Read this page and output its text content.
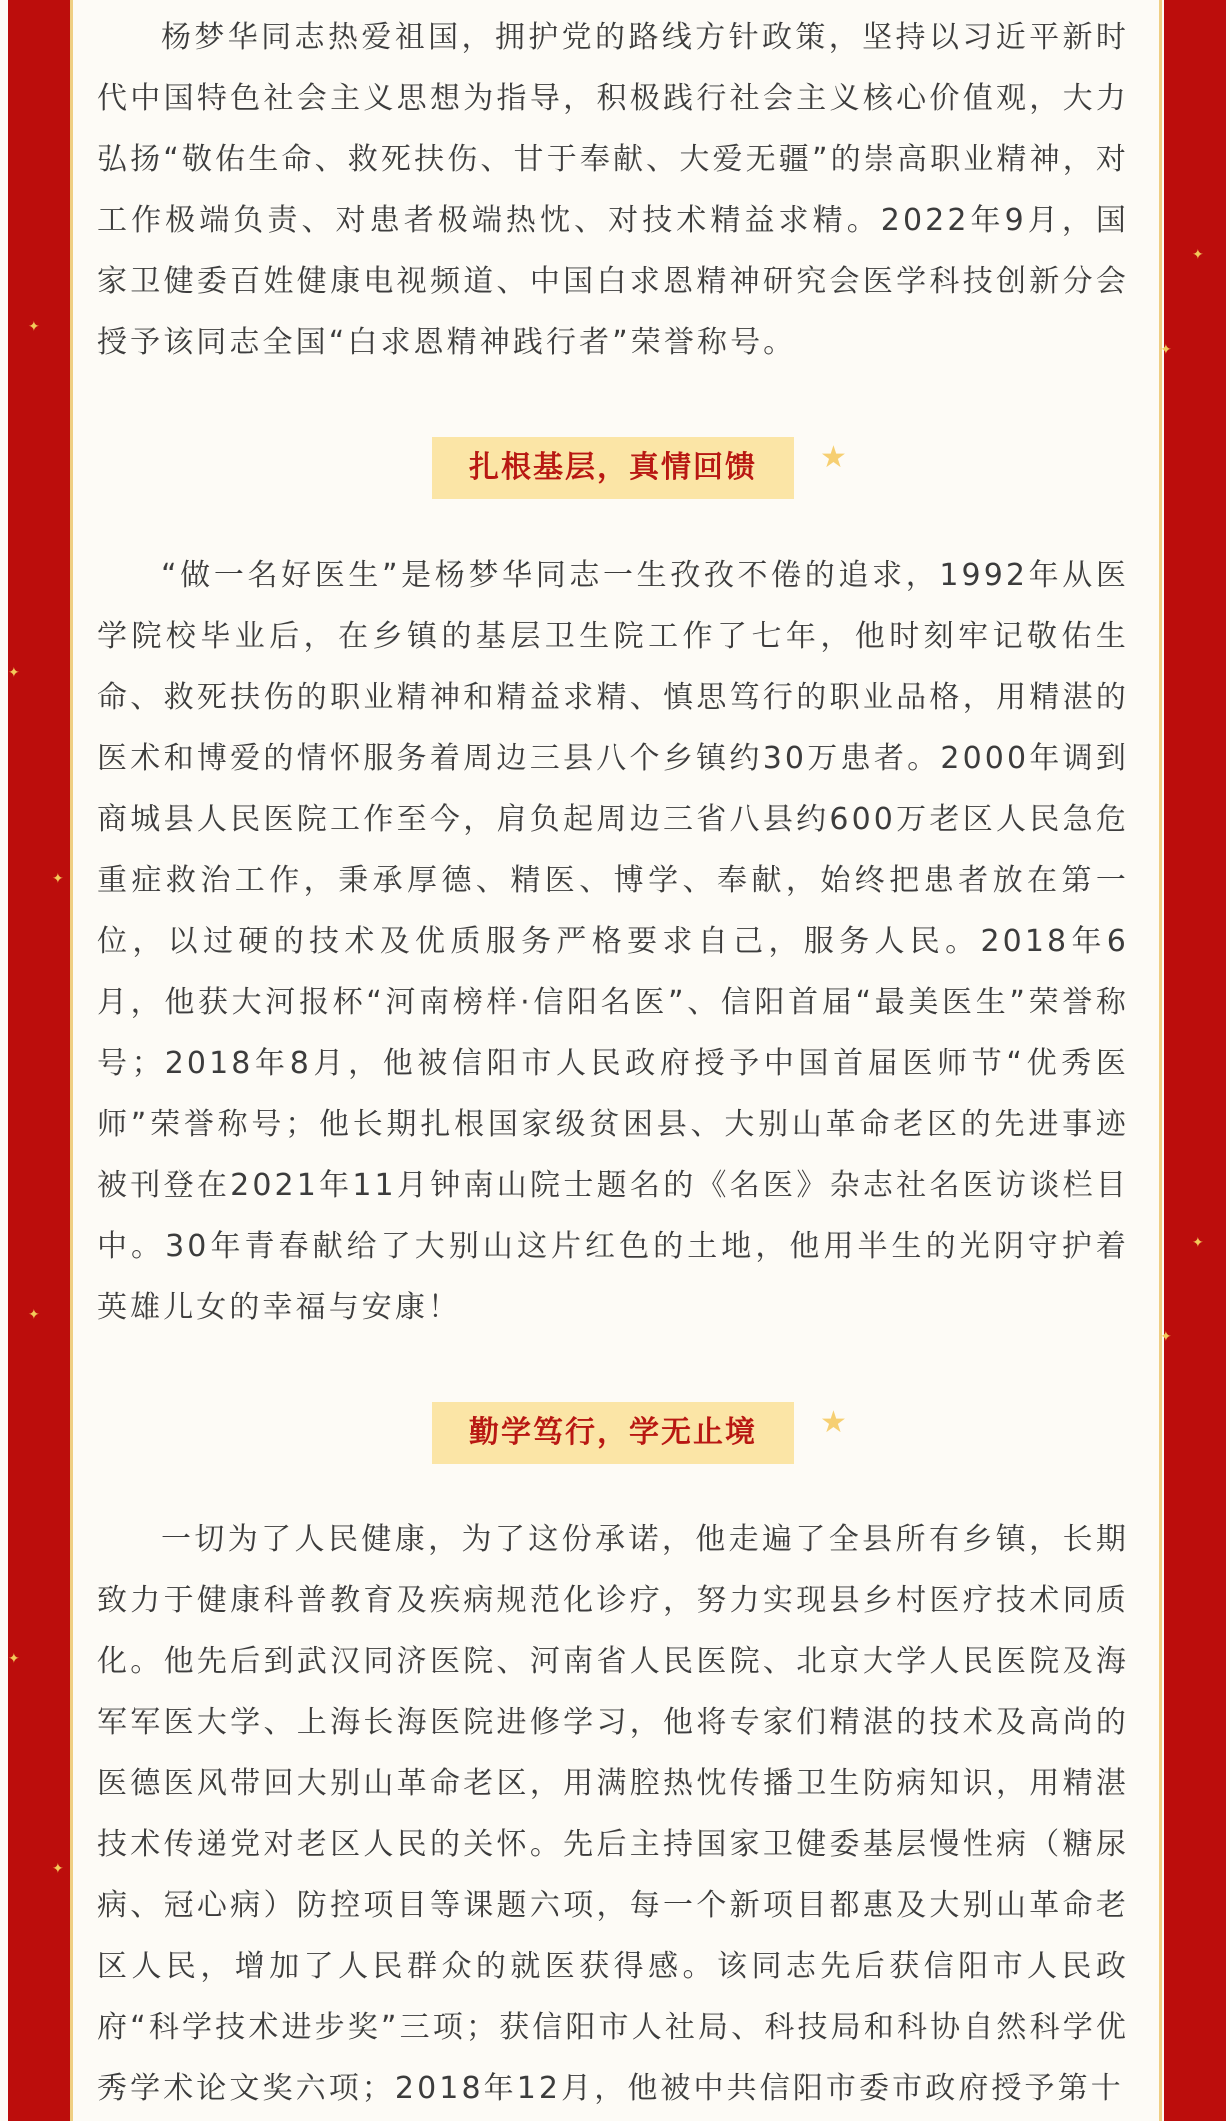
✦
✦
✦
✦
✦
✦
✦
✦
✦
✦

杨梦华同志热爱祖国，拥护党的路线方针政策，坚持以习近平新时代中国特色社会主义思想为指导，积极践行社会主义核心价值观，大力弘扬“敬佑生命、救死扶伤、甘于奉献、大爱无疆”的崇高职业精神，对工作极端负责、对患者极端热忱、对技术精益求精。2022年9月，国家卫健委百姓健康电视频道、中国白求恩精神研究会医学科技创新分会授予该同志全国“白求恩精神践行者”荣誉称号。

扎根基层，真情回馈	★

“做一名好医生”是杨梦华同志一生孜孜不倦的追求，1992年从医学院校毕业后，在乡镇的基层卫生院工作了七年，他时刻牢记敬佑生命、救死扶伤的职业精神和精益求精、慎思笃行的职业品格，用精湛的医术和博爱的情怀服务着周边三县八个乡镇约30万患者。2000年调到商城县人民医院工作至今，肩负起周边三省八县约600万老区人民急危重症救治工作，秉承厚德、精医、博学、奉献，始终把患者放在第一位，以过硬的技术及优质服务严格要求自己，服务人民。2018年6月，他获大河报杯“河南榜样·信阳名医”、信阳首届“最美医生”荣誉称号；2018年8月，他被信阳市人民政府授予中国首届医师节“优秀医师”荣誉称号；他长期扎根国家级贫困县、大别山革命老区的先进事迹被刊登在2021年11月钟南山院士题名的《名医》杂志社名医访谈栏目中。30年青春献给了大别山这片红色的土地，他用半生的光阴守护着英雄儿女的幸福与安康！

勤学笃行，学无止境	★

一切为了人民健康，为了这份承诺，他走遍了全县所有乡镇，长期致力于健康科普教育及疾病规范化诊疗，努力实现县乡村医疗技术同质化。他先后到武汉同济医院、河南省人民医院、北京大学人民医院及海军军医大学、上海长海医院进修学习，他将专家们精湛的技术及高尚的医德医风带回大别山革命老区，用满腔热忱传播卫生防病知识，用精湛技术传递党对老区人民的关怀。先后主持国家卫健委基层慢性病（糖尿病、冠心病）防控项目等课题六项，每一个新项目都惠及大别山革命老区人民，增加了人民群众的就医获得感。该同志先后获信阳市人民政府“科学技术进步奖”三项；获信阳市人社局、科技局和科协自然科学优秀学术论文奖六项；2018年12月，他被中共信阳市委市政府授予第十
